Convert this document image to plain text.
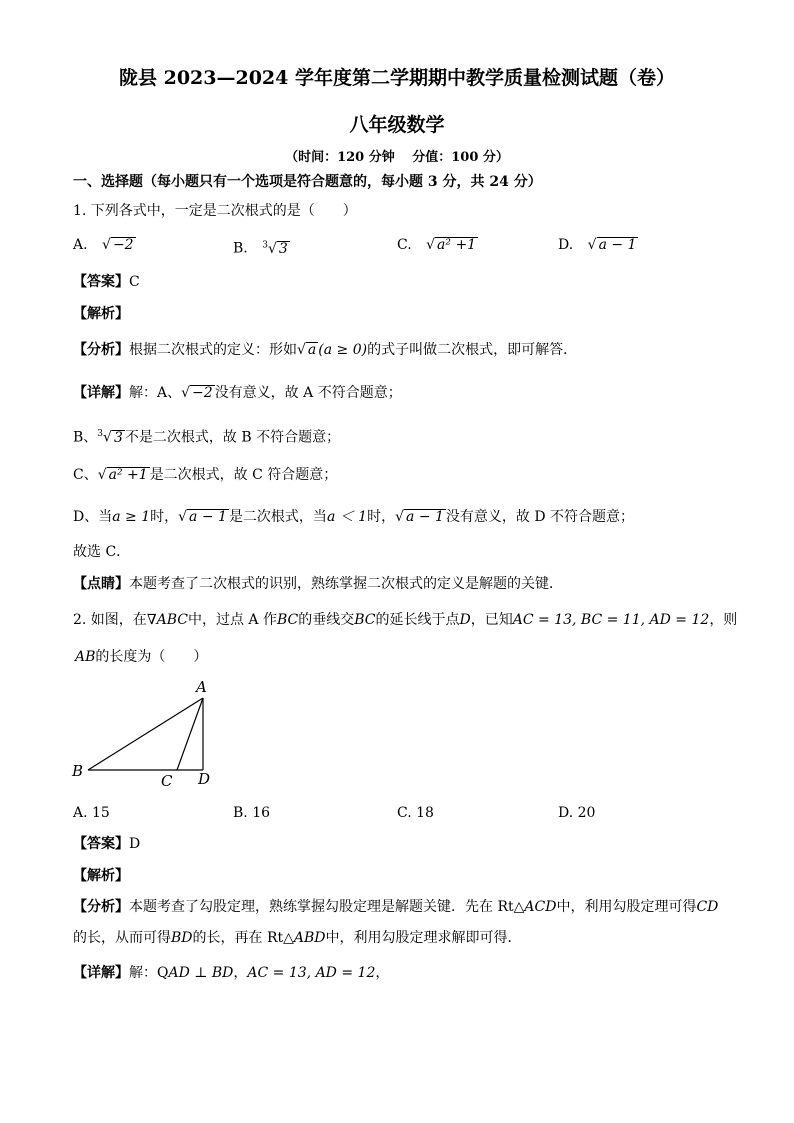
陇县 2023—2024 学年度第二学期期中教学质量检测试题（卷）
八年级数学
（时间：120 分钟　 分值：100 分）
一、选择题（每小题只有一个选项是符合题意的，每小题 3 分，共 24 分）
1. 下列各式中，一定是二次根式的是（　　）
A. √ −2	B. $^3$√ 3	C. √ a² +1	D. √ a − 1
【答案】C
【解析】
【分析】根据二次根式的定义：形如√ a (a ≥ 0)的式子叫做二次根式，即可解答．
【详解】解：A、√ −2 没有意义，故 A 不符合题意；
B、$^3$√ 3 不是二次根式，故 B 不符合题意；
C、√ a² +1 是二次根式，故 C 符合题意；
D、当a ≥ 1时，√ a − 1 是二次根式，当a ＜ 1时，√ a − 1 没有意义，故 D 不符合题意；
故选 C．
【点睛】本题考查了二次根式的识别，熟练掌握二次根式的定义是解题的关键．
2. 如图，在∇ABC中，过点 A 作BC的垂线交BC的延长线于点D，已知AC = 13, BC = 11, AD = 12，则
AB的长度为（　　）
A
B
C D
A. 15	B. 16	C. 18	D. 20
【答案】D
【解析】
【分析】本题考查了勾股定理，熟练掌握勾股定理是解题关键．先在 Rt△ACD中，利用勾股定理可得CD
的长，从而可得BD的长，再在 Rt△ABD中，利用勾股定理求解即可得．
【详解】解：QAD ⊥ BD，AC = 13, AD = 12，
